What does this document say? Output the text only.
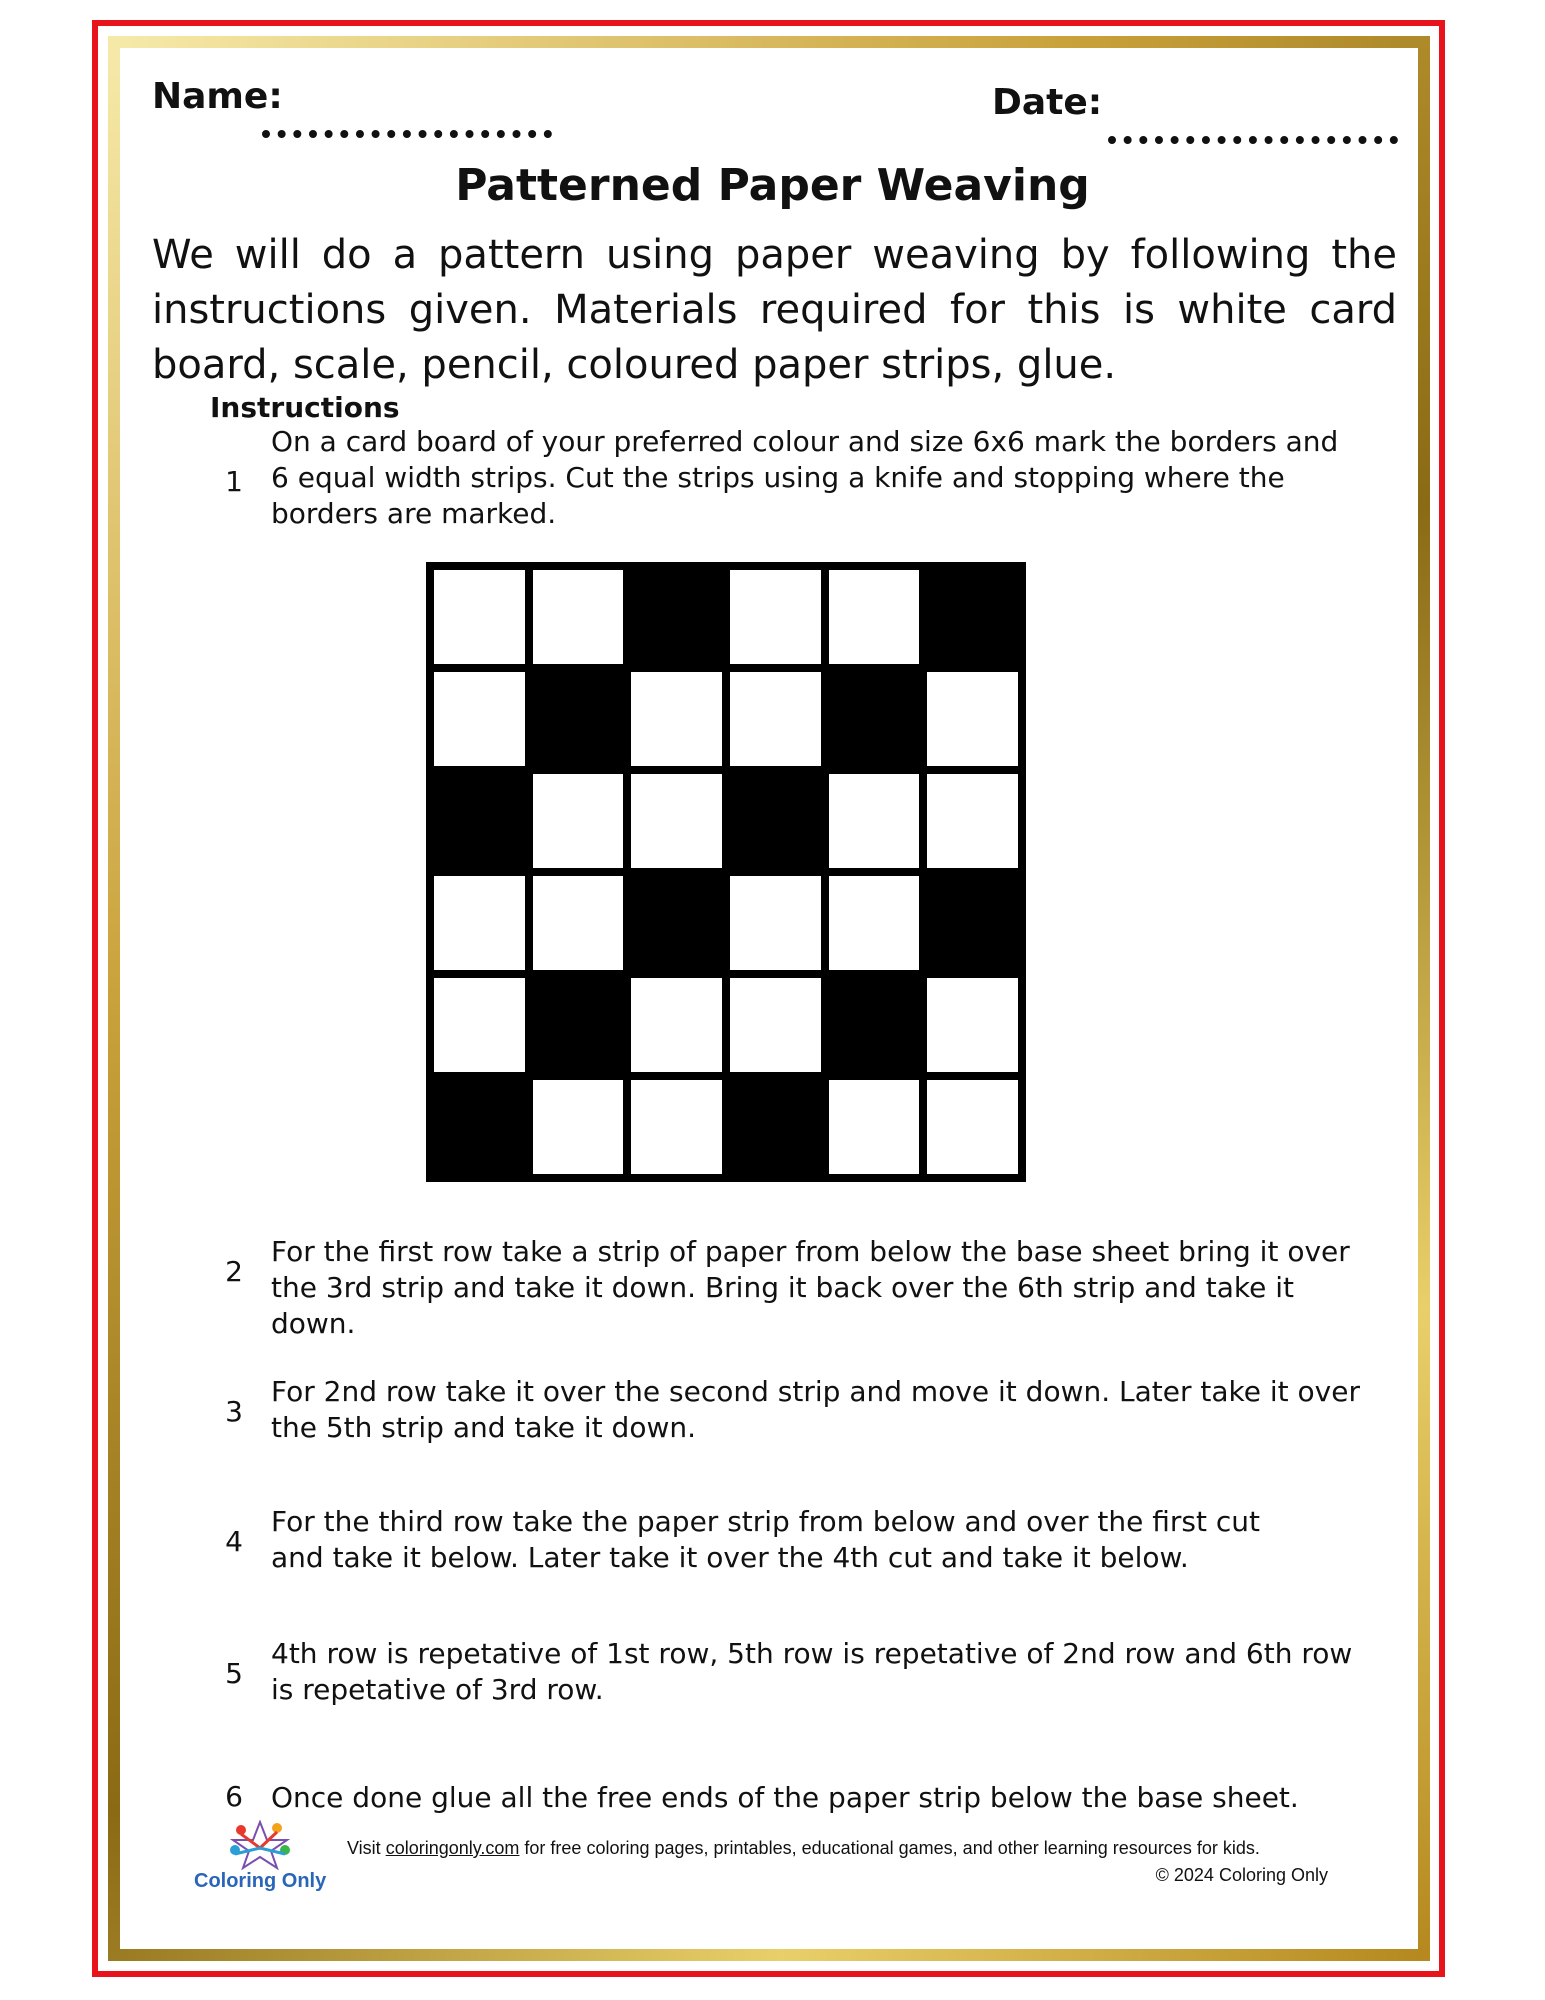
Name:	Date:
Patterned Paper Weaving
We will do a pattern using paper weaving by following the instructions given. Materials required for this is white card board, scale, pencil, coloured paper strips, glue.
Instructions
1
On a card board of your preferred colour and size 6x6 mark the borders and 6 equal width strips. Cut the strips using a knife and stopping where the borders are marked.
2
For the first row take a strip of paper from below the base sheet bring it over the 3rd strip and take it down. Bring it back over the 6th strip and take it down.
3
For 2nd row take it over the second strip and move it down. Later take it over the 5th strip and take it down.
4
For the third row take the paper strip from below and over the first cut and take it below. Later take it over the 4th cut and take it below.
5
4th row is repetative of 1st row, 5th row is repetative of 2nd row and 6th row is repetative of 3rd row.
6 Once done glue all the free ends of the paper strip below the base sheet.
Coloring Only
Visit coloringonly.com for free coloring pages, printables, educational games, and other learning resources for kids.
© 2024 Coloring Only
